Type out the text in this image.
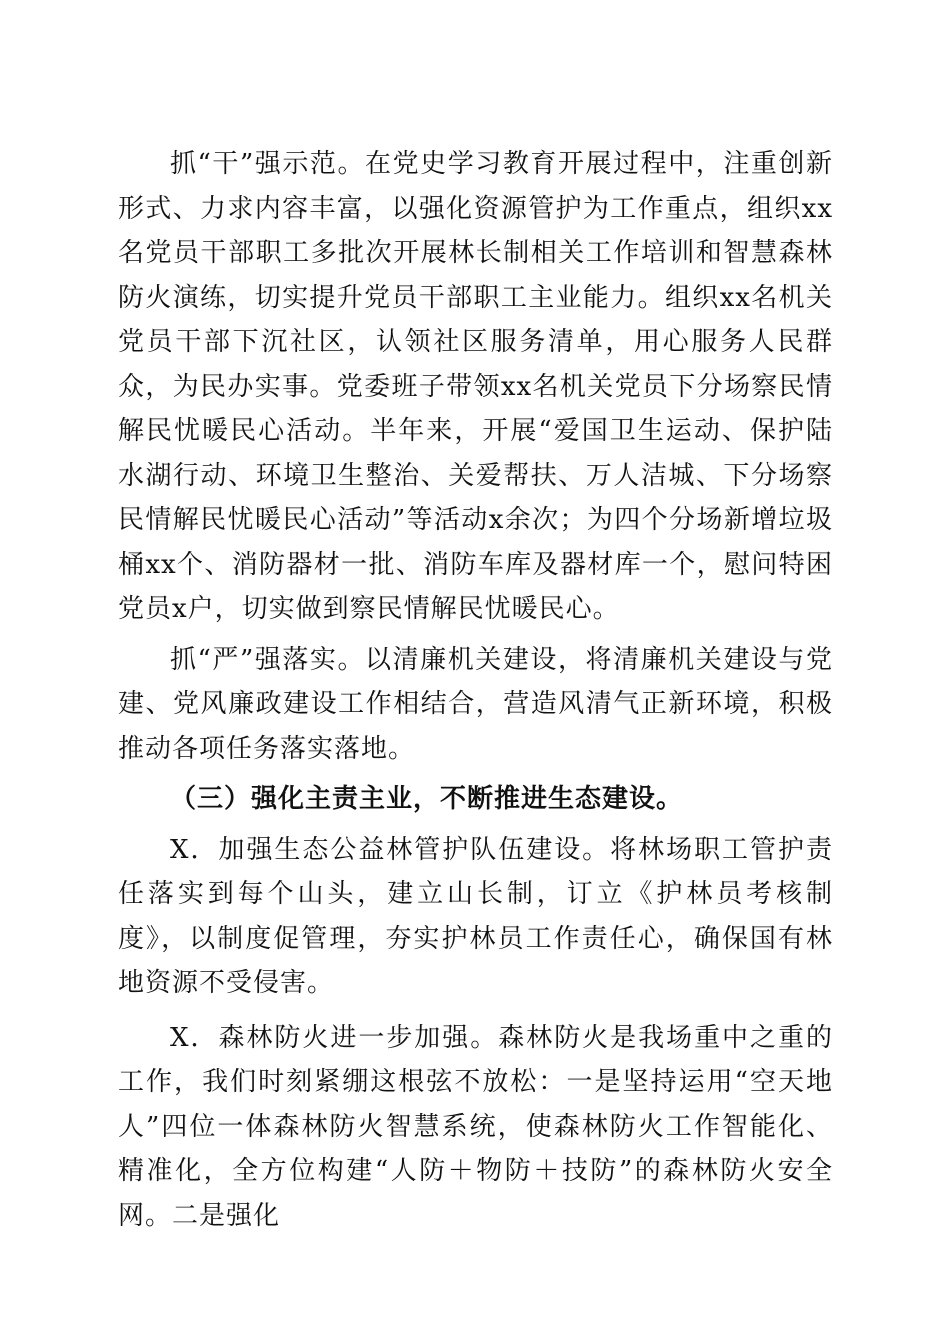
抓“干”强示范。在党史学习教育开展过程中，注重创新形式、力求内容丰富，以强化资源管护为工作重点，组织xx名党员干部职工多批次开展林长制相关工作培训和智慧森林防火演练，切实提升党员干部职工主业能力。组织xx名机关党员干部下沉社区，认领社区服务清单，用心服务人民群众，为民办实事。党委班子带领xx名机关党员下分场察民情解民忧暖民心活动。半年来，开展“爱国卫生运动、保护陆水湖行动、环境卫生整治、关爱帮扶、万人洁城、下分场察民情解民忧暖民心活动”等活动x余次；为四个分场新增垃圾桶xx个、消防器材一批、消防车库及器材库一个，慰问特困党员x户，切实做到察民情解民忧暖民心。

抓“严”强落实。以清廉机关建设，将清廉机关建设与党建、党风廉政建设工作相结合，营造风清气正新环境，积极推动各项任务落实落地。

（三）强化主责主业，不断推进生态建设。

X．加强生态公益林管护队伍建设。将林场职工管护责任落实到每个山头，建立山长制，订立《护林员考核制度》，以制度促管理，夯实护林员工作责任心，确保国有林地资源不受侵害。

X．森林防火进一步加强。森林防火是我场重中之重的工作，我们时刻紧绷这根弦不放松：一是坚持运用“空天地人”四位一体森林防火智慧系统，使森林防火工作智能化、精准化，全方位构建“人防＋物防＋技防”的森林防火安全网。二是强化
